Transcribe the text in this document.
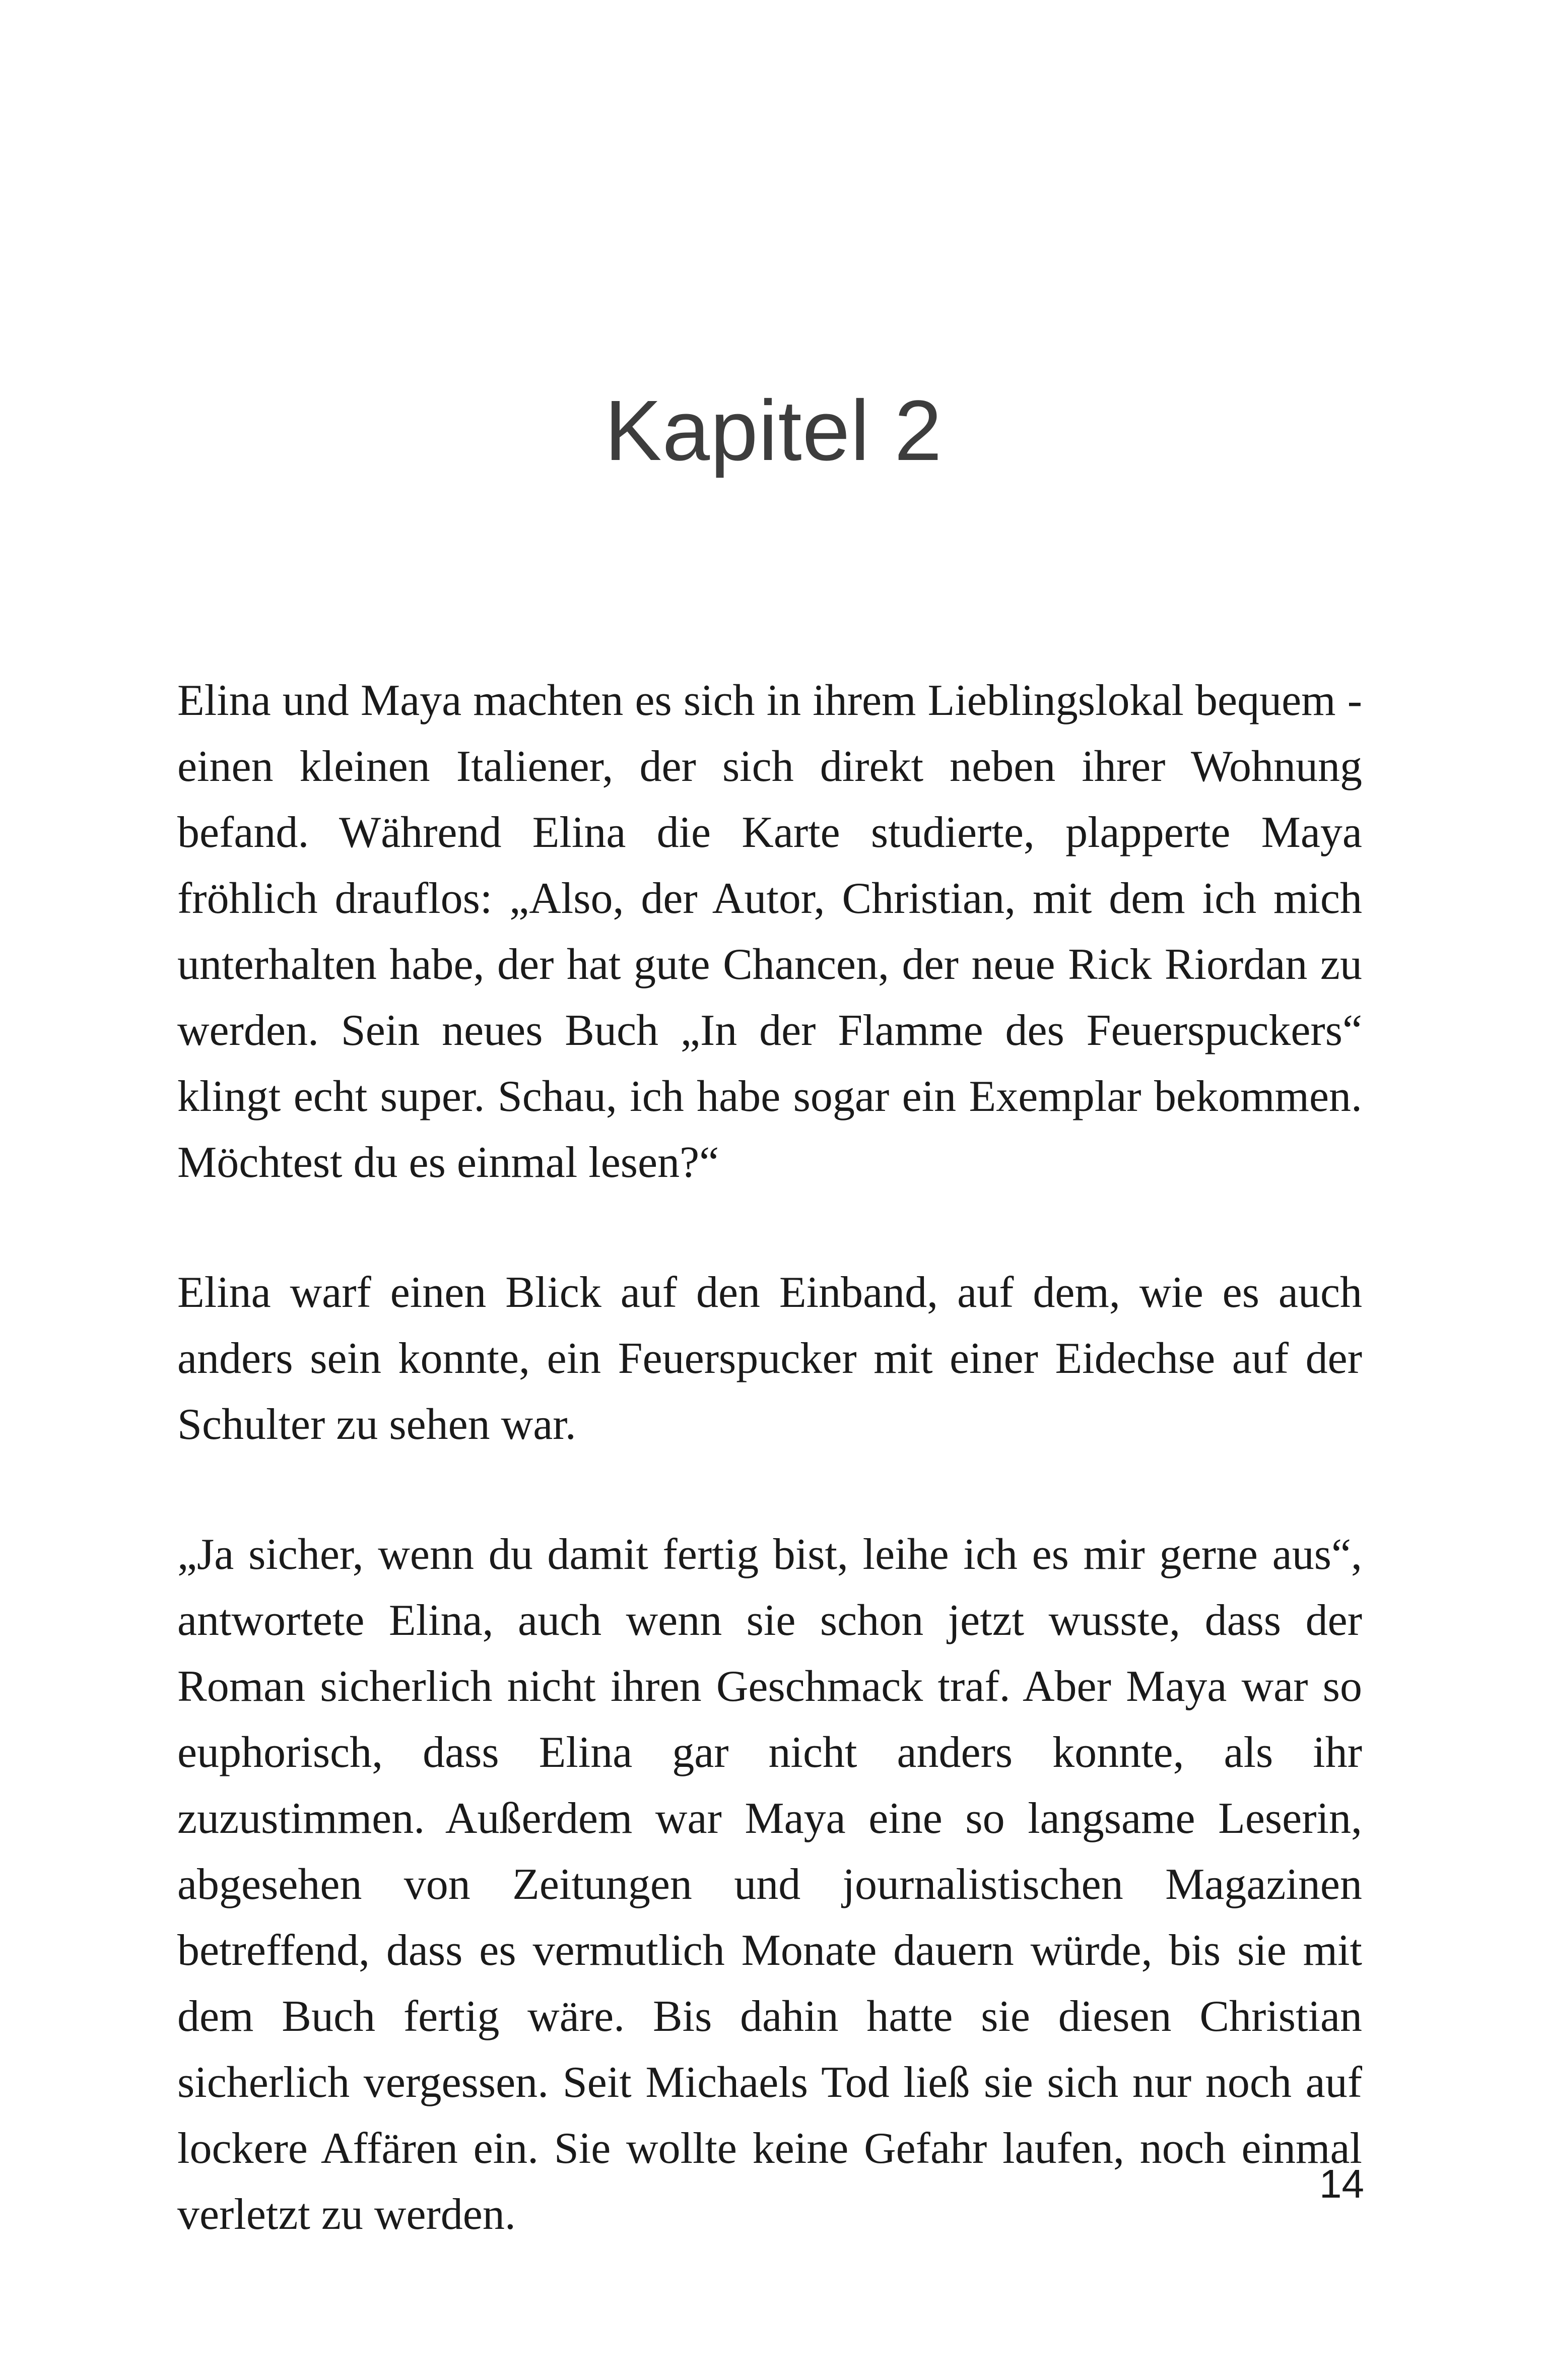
Kapitel 2

Elina und Maya machten es sich in ihrem Lieblingslokal bequem - einen kleinen Italiener, der sich direkt neben ihrer Wohnung befand. Während Elina die Karte studierte, plapperte Maya fröhlich drauflos: „Also, der Autor, Christian, mit dem ich mich unterhalten habe, der hat gute Chancen, der neue Rick Riordan zu werden. Sein neues Buch „In der Flamme des Feuerspuckers“ klingt echt super. Schau, ich habe sogar ein Exemplar bekommen. Möchtest du es einmal lesen?“

Elina warf einen Blick auf den Einband, auf dem, wie es auch anders sein konnte, ein Feuerspucker mit einer Eidechse auf der Schulter zu sehen war.

„Ja sicher, wenn du damit fertig bist, leihe ich es mir gerne aus“, antwortete Elina, auch wenn sie schon jetzt wusste, dass der Roman sicherlich nicht ihren Geschmack traf. Aber Maya war so euphorisch, dass Elina gar nicht anders konnte, als ihr zuzustimmen. Außerdem war Maya eine so langsame Leserin, abgesehen von Zeitungen und journalistischen Magazinen betreffend, dass es vermutlich Monate dauern würde, bis sie mit dem Buch fertig wäre. Bis dahin hatte sie diesen Christian sicherlich vergessen. Seit Michaels Tod ließ sie sich nur noch auf lockere Affären ein. Sie wollte keine Gefahr laufen, noch einmal verletzt zu werden.

14
